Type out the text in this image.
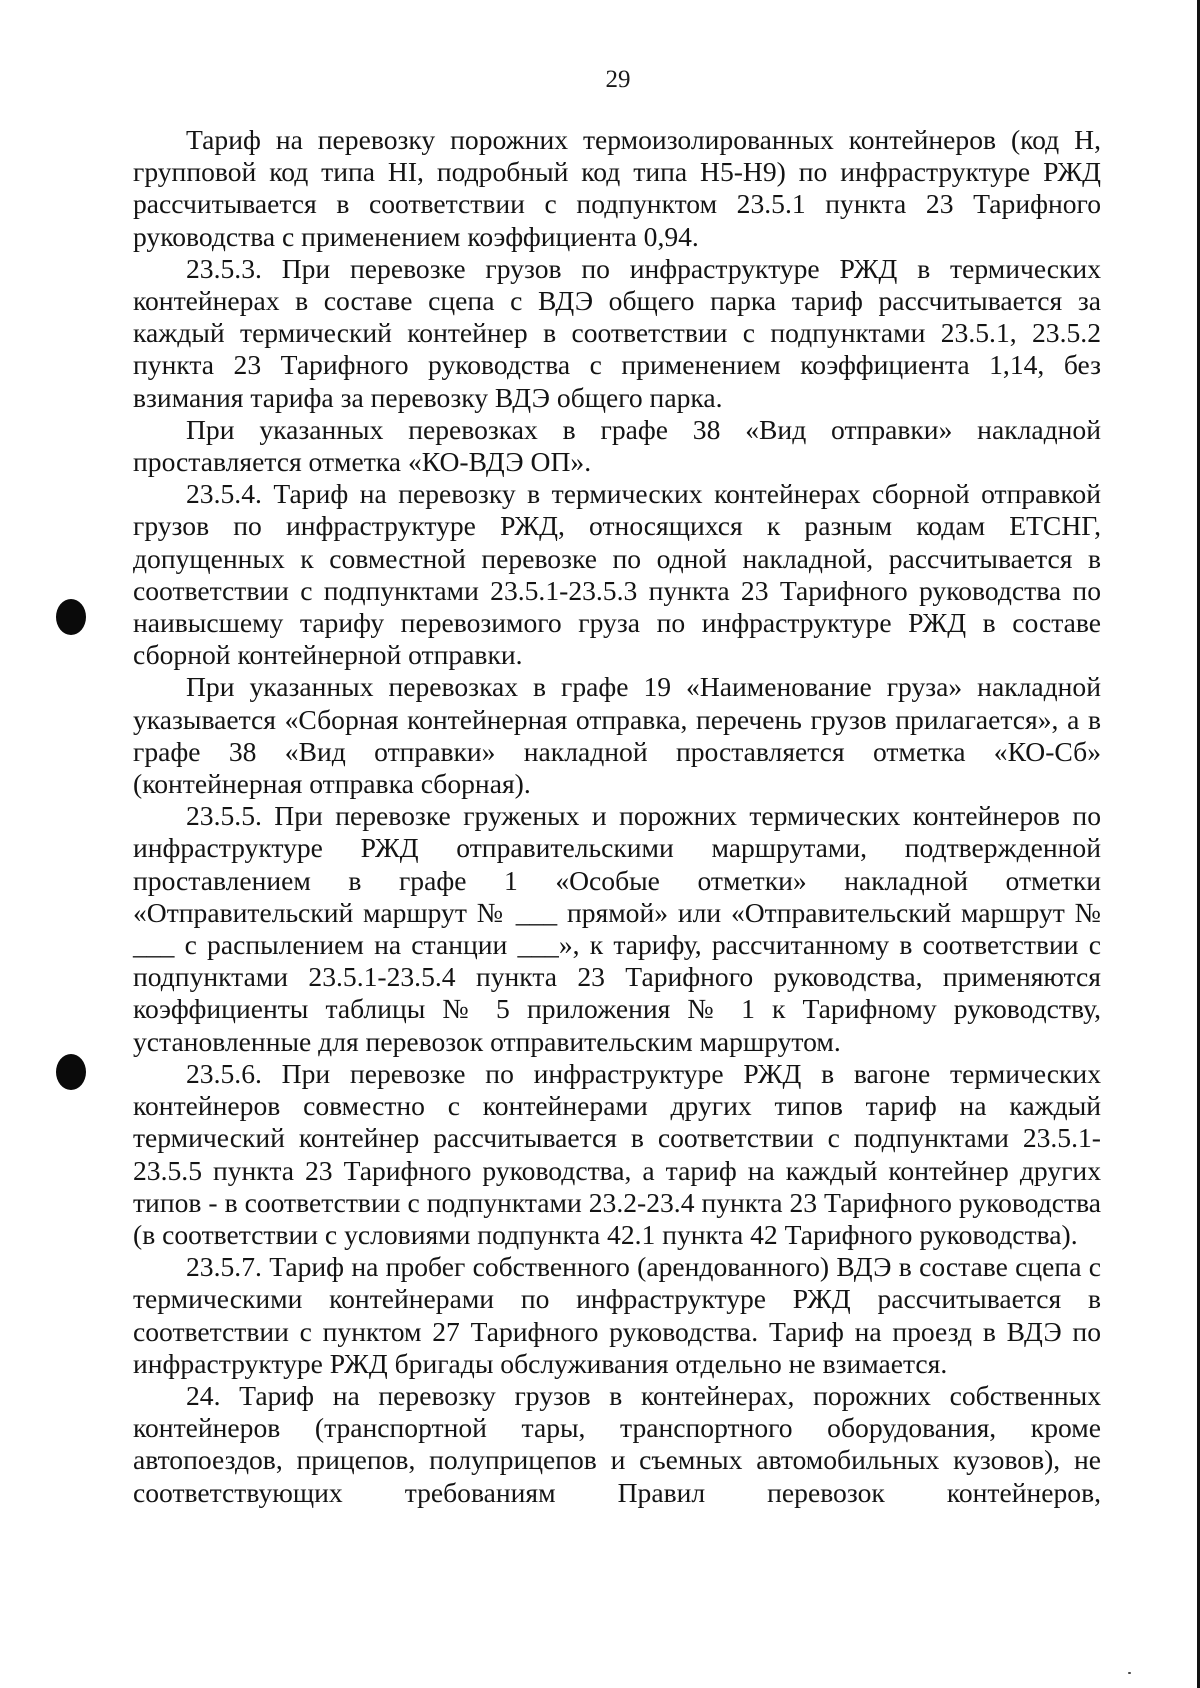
29

Тариф на перевозку порожних термоизолированных контейнеров (код Н, групповой код типа НI, подробный код типа Н5-Н9) по инфраструктуре РЖД рассчитывается в соответствии с подпунктом 23.5.1 пункта 23 Тарифного руководства с применением коэффициента 0,94.

23.5.3. При перевозке грузов по инфраструктуре РЖД в термических контейнерах в составе сцепа с ВДЭ общего парка тариф рассчитывается за каждый термический контейнер в соответствии с подпунктами 23.5.1, 23.5.2 пункта 23 Тарифного руководства с применением коэффициента 1,14, без взимания тарифа за перевозку ВДЭ общего парка.

При указанных перевозках в графе 38 «Вид отправки» накладной проставляется отметка «КО-ВДЭ ОП».

23.5.4. Тариф на перевозку в термических контейнерах сборной отправкой грузов по инфраструктуре РЖД, относящихся к разным кодам ЕТСНГ, допущенных к совместной перевозке по одной накладной, рассчитывается в соответствии с подпунктами 23.5.1-23.5.3 пункта 23 Тарифного руководства по наивысшему тарифу перевозимого груза по инфраструктуре РЖД в составе сборной контейнерной отправки.

При указанных перевозках в графе 19 «Наименование груза» накладной указывается «Сборная контейнерная отправка, перечень грузов прилагается», а в графе 38 «Вид отправки» накладной проставляется отметка «КО-Сб» (контейнерная отправка сборная).

23.5.5. При перевозке груженых и порожних термических контейнеров по инфраструктуре РЖД отправительскими маршрутами, подтвержденной проставлением в графе 1 «Особые отметки» накладной отметки «Отправительский маршрут № ___ прямой» или «Отправительский маршрут № ___ с распылением на станции ___», к тарифу, рассчитанному в соответствии с подпунктами 23.5.1-23.5.4 пункта 23 Тарифного руководства, применяются коэффициенты таблицы № 5 приложения № 1 к Тарифному руководству, установленные для перевозок отправительским маршрутом.

23.5.6. При перевозке по инфраструктуре РЖД в вагоне термических контейнеров совместно с контейнерами других типов тариф на каждый термический контейнер рассчитывается в соответствии с подпунктами 23.5.1-23.5.5 пункта 23 Тарифного руководства, а тариф на каждый контейнер других типов - в соответствии с подпунктами 23.2-23.4 пункта 23 Тарифного руководства (в соответствии с условиями подпункта 42.1 пункта 42 Тарифного руководства).

23.5.7. Тариф на пробег собственного (арендованного) ВДЭ в составе сцепа с термическими контейнерами по инфраструктуре РЖД рассчитывается в соответствии с пунктом 27 Тарифного руководства. Тариф на проезд в ВДЭ по инфраструктуре РЖД бригады обслуживания отдельно не взимается.

24. Тариф на перевозку грузов в контейнерах, порожних собственных контейнеров (транспортной тары, транспортного оборудования, кроме автопоездов, прицепов, полуприцепов и съемных автомобильных кузовов), не соответствующих требованиям Правил перевозок контейнеров,
